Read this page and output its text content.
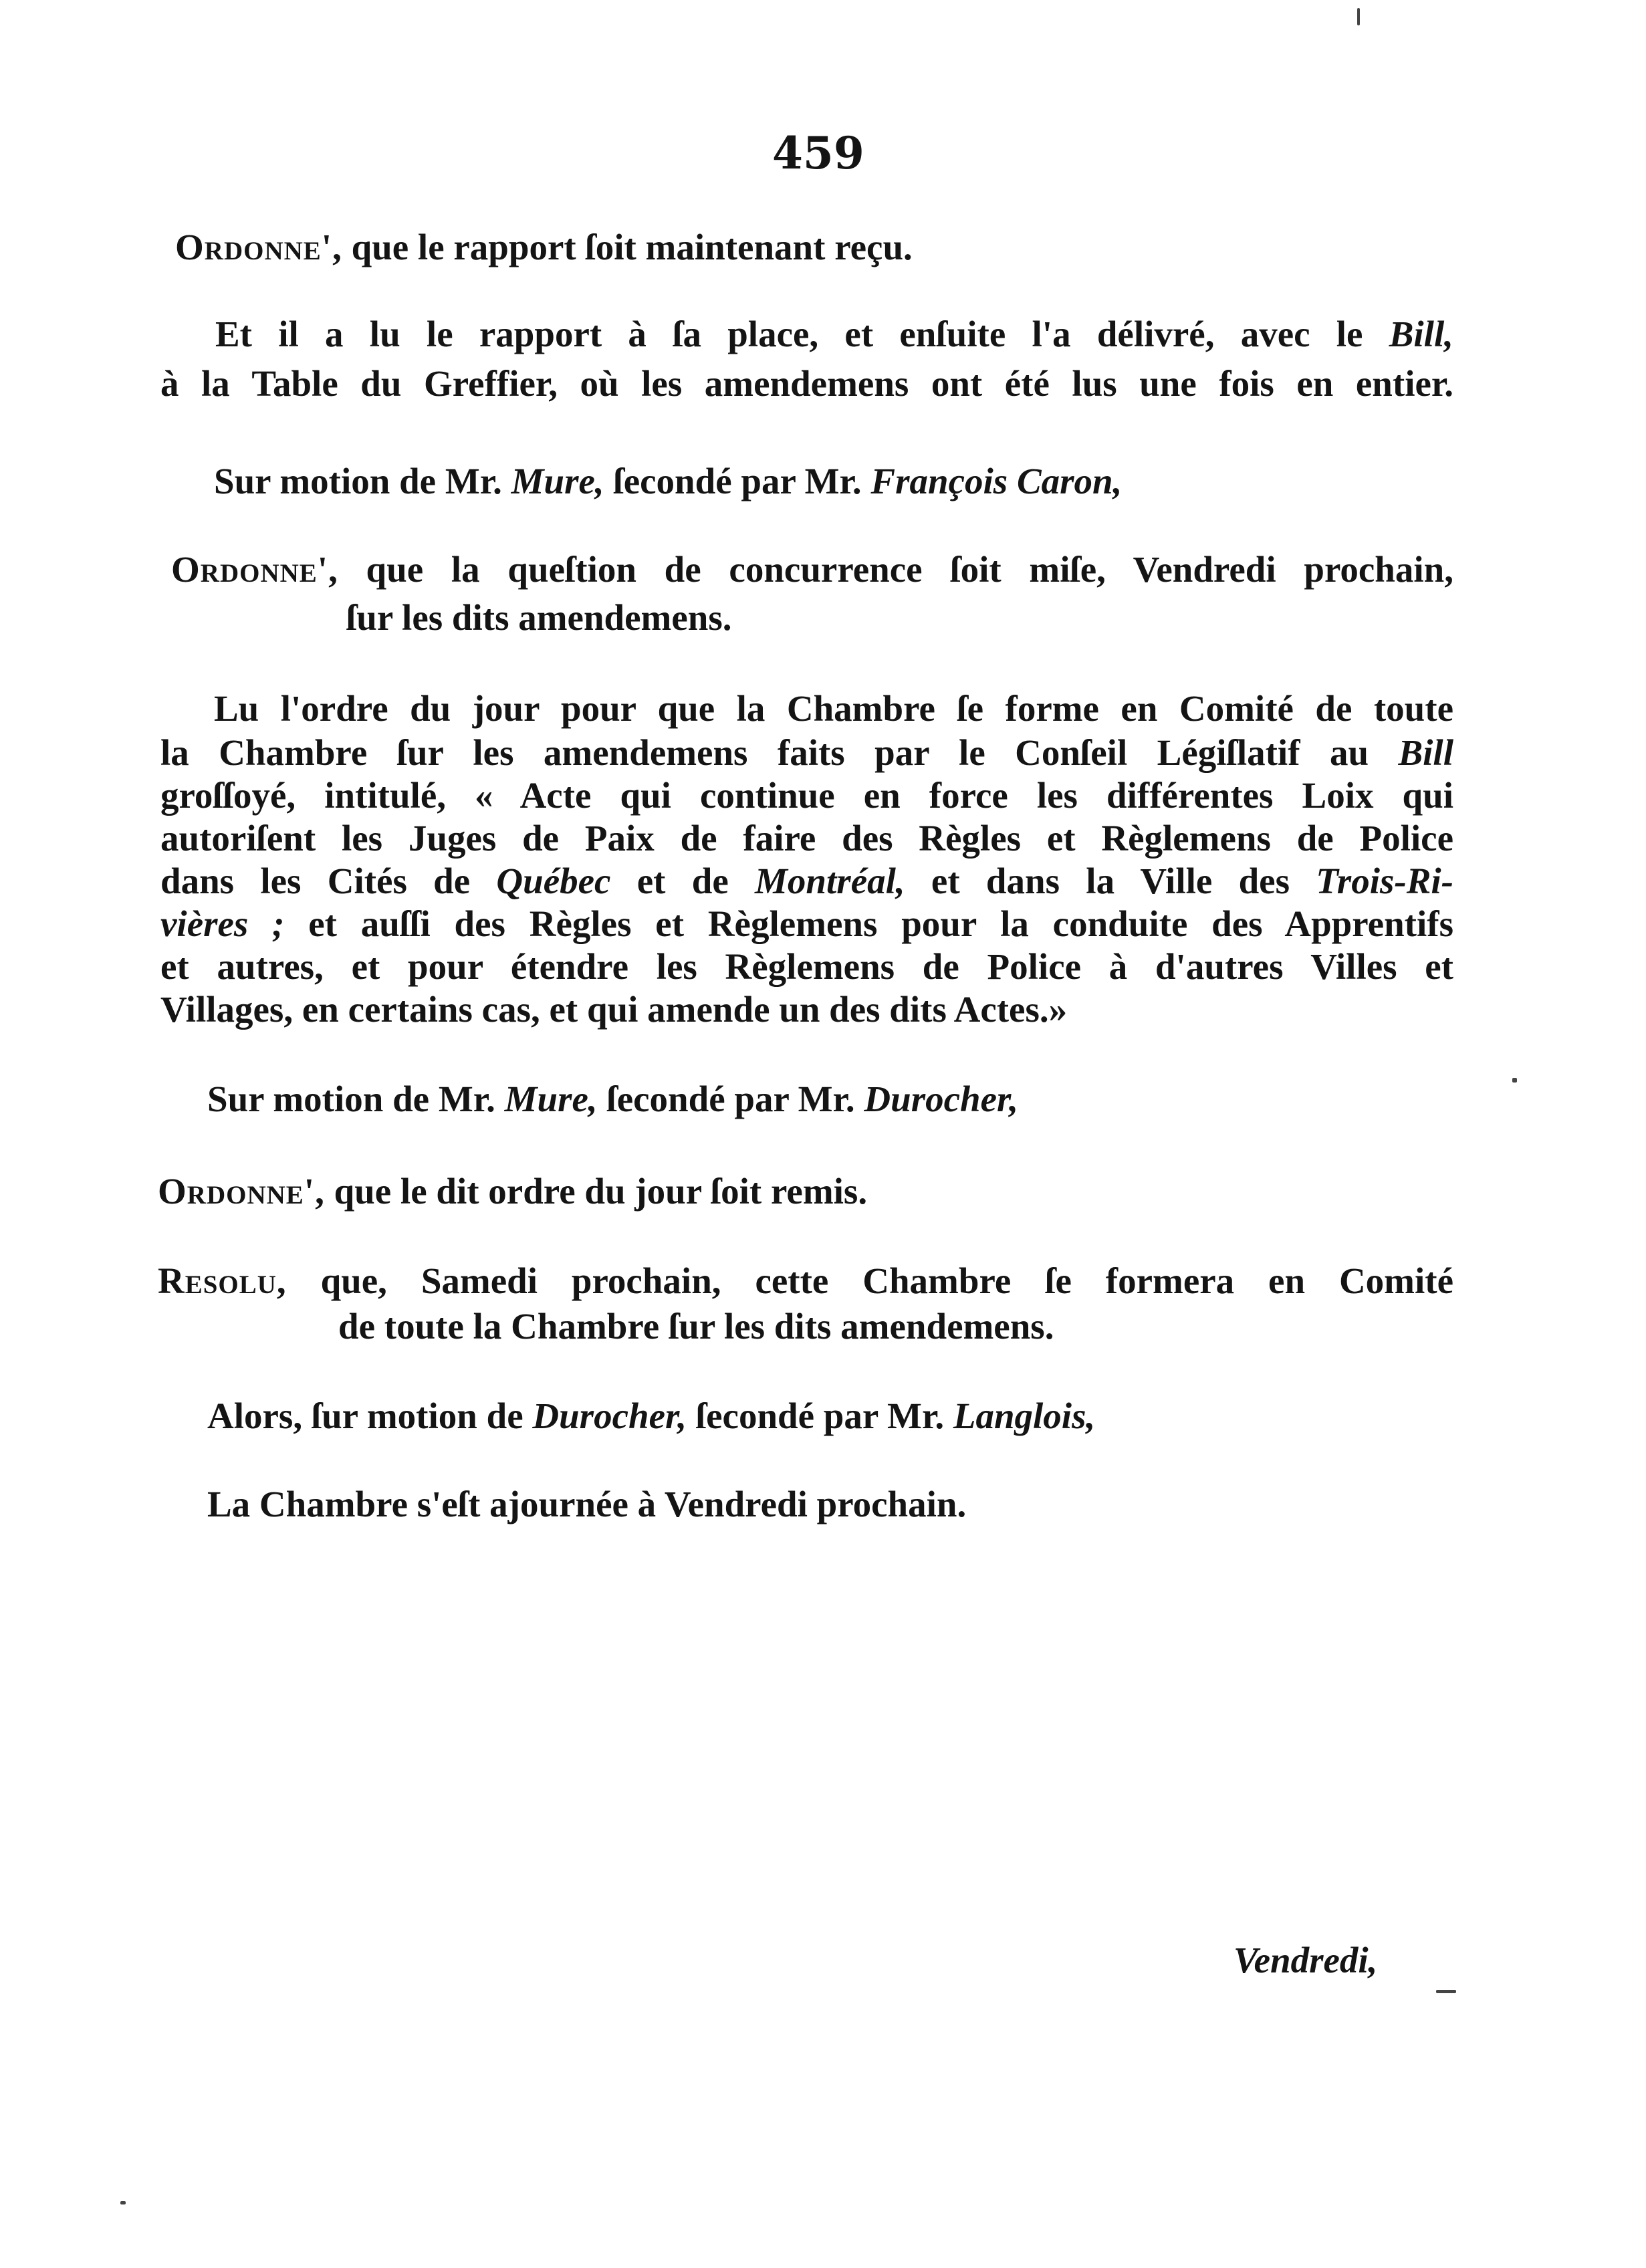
459
Ordonne', que le rapport ſoit maintenant reçu.
Et il a lu le rapport à ſa place, et enſuite l'a délivré, avec le Bill,
à la Table du Greffier, où les amendemens ont été lus une fois en entier.
Sur motion de Mr. Mure, ſecondé par Mr. François Caron,
Ordonne', que la queſtion de concurrence ſoit miſe, Vendredi prochain,
ſur les dits amendemens.
Lu l'ordre du jour pour que la Chambre ſe forme en Comité de toute
la Chambre ſur les amendemens faits par le Conſeil Légiſlatif au Bill
groſſoyé, intitulé, « Acte qui continue en force les différentes Loix qui
autoriſent les Juges de Paix de faire des Règles et Règlemens de Police
dans les Cités de Québec et de Montréal, et dans la Ville des Trois-Ri-
vières ; et auſſi des Règles et Règlemens pour la conduite des Apprentifs
et autres, et pour étendre les Règlemens de Police à d'autres Villes et
Villages, en certains cas, et qui amende un des dits Actes.»
Sur motion de Mr. Mure, ſecondé par Mr. Durocher,
Ordonne', que le dit ordre du jour ſoit remis.
Resolu, que, Samedi prochain, cette Chambre ſe formera en Comité
de toute la Chambre ſur les dits amendemens.
Alors, ſur motion de Durocher, ſecondé par Mr. Langlois,
La Chambre s'eſt ajournée à Vendredi prochain.
Vendredi,
